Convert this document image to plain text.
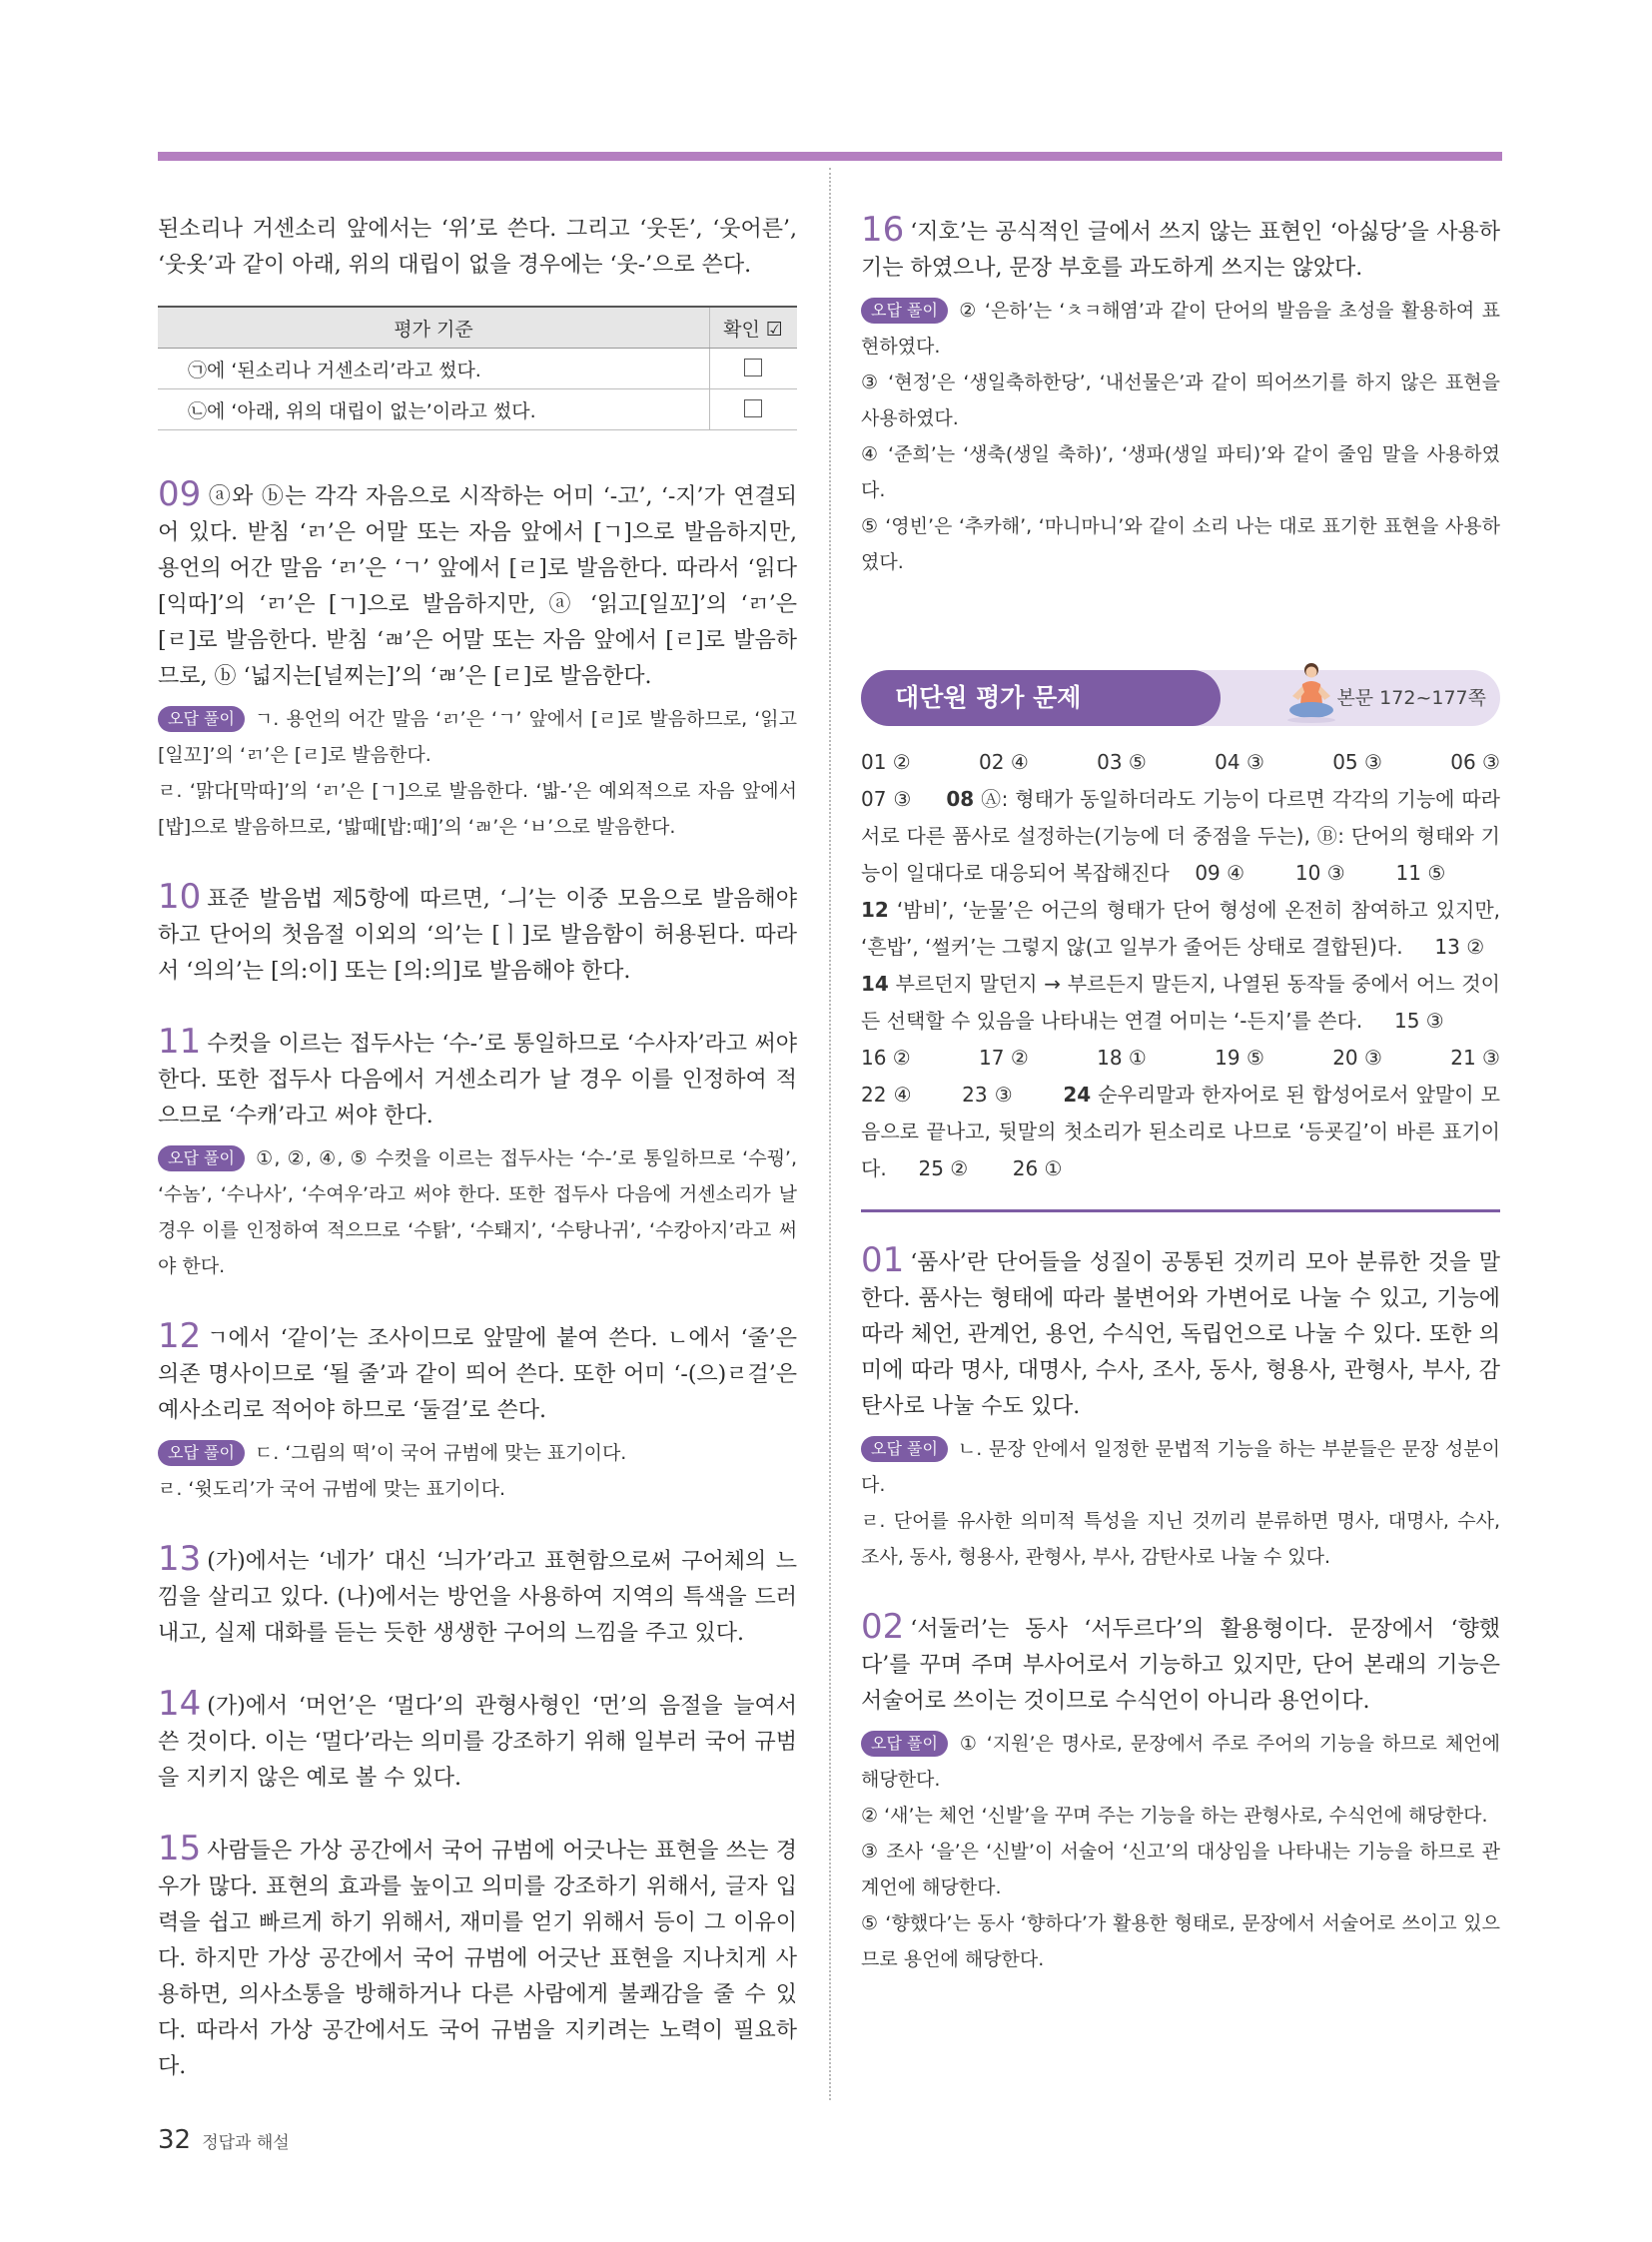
된소리나 거센소리 앞에서는 ‘위’로 쓴다. 그리고 ‘웃돈’, ‘웃어른’, ‘웃옷’과 같이 아래, 위의 대립이 없을 경우에는 ‘웃-’으로 쓴다.

평가 기준	확인 ☑
㉠에 ‘된소리나 거센소리’라고 썼다.	
㉡에 ‘아래, 위의 대립이 없는’이라고 썼다.	

09 ⓐ와 ⓑ는 각각 자음으로 시작하는 어미 ‘-고’, ‘-지’가 연결되어 있다. 받침 ‘ㄺ’은 어말 또는 자음 앞에서 [ㄱ]으로 발음하지만, 용언의 어간 말음 ‘ㄺ’은 ‘ㄱ’ 앞에서 [ㄹ]로 발음한다. 따라서 ‘읽다[익따]’의 ‘ㄺ’은 [ㄱ]으로 발음하지만, ⓐ ‘읽고[일꼬]’의 ‘ㄺ’은 [ㄹ]로 발음한다. 받침 ‘ㄼ’은 어말 또는 자음 앞에서 [ㄹ]로 발음하므로, ⓑ ‘넓지는[널찌는]’의 ‘ㄼ’은 [ㄹ]로 발음한다.

오답 풀이 ㄱ. 용언의 어간 말음 ‘ㄺ’은 ‘ㄱ’ 앞에서 [ㄹ]로 발음하므로, ‘읽고[일꼬]’의 ‘ㄺ’은 [ㄹ]로 발음한다.

ㄹ. ‘맑다[막따]’의 ‘ㄺ’은 [ㄱ]으로 발음한다. ‘밟-’은 예외적으로 자음 앞에서 [밥]으로 발음하므로, ‘밟때[밥:때]’의 ‘ㄼ’은 ‘ㅂ’으로 발음한다.

10 표준 발음법 제5항에 따르면, ‘ㅢ’는 이중 모음으로 발음해야 하고 단어의 첫음절 이외의 ‘의’는 [ㅣ]로 발음함이 허용된다. 따라서 ‘의의’는 [의:이] 또는 [의:의]로 발음해야 한다.

11 수컷을 이르는 접두사는 ‘수-’로 통일하므로 ‘수사자’라고 써야 한다. 또한 접두사 다음에서 거센소리가 날 경우 이를 인정하여 적으므로 ‘수캐’라고 써야 한다.

오답 풀이 ①, ②, ④, ⑤ 수컷을 이르는 접두사는 ‘수-’로 통일하므로 ‘수꿩’, ‘수놈’, ‘수나사’, ‘수여우’라고 써야 한다. 또한 접두사 다음에 거센소리가 날 경우 이를 인정하여 적으므로 ‘수탉’, ‘수퇘지’, ‘수탕나귀’, ‘수캉아지’라고 써야 한다.

12 ㄱ에서 ‘같이’는 조사이므로 앞말에 붙여 쓴다. ㄴ에서 ‘줄’은 의존 명사이므로 ‘될 줄’과 같이 띄어 쓴다. 또한 어미 ‘-(으)ㄹ걸’은 예사소리로 적어야 하므로 ‘둘걸’로 쓴다.

오답 풀이 ㄷ. ‘그림의 떡’이 국어 규범에 맞는 표기이다.

ㄹ. ‘윗도리’가 국어 규범에 맞는 표기이다.

13 (가)에서는 ‘네가’ 대신 ‘늬가’라고 표현함으로써 구어체의 느낌을 살리고 있다. (나)에서는 방언을 사용하여 지역의 특색을 드러내고, 실제 대화를 듣는 듯한 생생한 구어의 느낌을 주고 있다.

14 (가)에서 ‘머언’은 ‘멀다’의 관형사형인 ‘먼’의 음절을 늘여서 쓴 것이다. 이는 ‘멀다’라는 의미를 강조하기 위해 일부러 국어 규범을 지키지 않은 예로 볼 수 있다.

15 사람들은 가상 공간에서 국어 규범에 어긋나는 표현을 쓰는 경우가 많다. 표현의 효과를 높이고 의미를 강조하기 위해서, 글자 입력을 쉽고 빠르게 하기 위해서, 재미를 얻기 위해서 등이 그 이유이다. 하지만 가상 공간에서 국어 규범에 어긋난 표현을 지나치게 사용하면, 의사소통을 방해하거나 다른 사람에게 불쾌감을 줄 수 있다. 따라서 가상 공간에서도 국어 규범을 지키려는 노력이 필요하다.

16 ‘지호’는 공식적인 글에서 쓰지 않는 표현인 ‘아싫당’을 사용하기는 하였으나, 문장 부호를 과도하게 쓰지는 않았다.

오답 풀이 ② ‘은하’는 ‘ㅊㅋ해염’과 같이 단어의 발음을 초성을 활용하여 표현하였다.

③ ‘현정’은 ‘생일축하한당’, ‘내선물은’과 같이 띄어쓰기를 하지 않은 표현을 사용하였다.

④ ‘준희’는 ‘생축(생일 축하)’, ‘생파(생일 파티)’와 같이 줄임 말을 사용하였다.

⑤ ‘영빈’은 ‘추카해’, ‘마니마니’와 같이 소리 나는 대로 표기한 표현을 사용하였다.

대단원 평가 문제	본문 172~177쪽
01 ②	02 ④	03 ⑤	04 ③	05 ③	06 ③

07 ③ 08 Ⓐ: 형태가 동일하더라도 기능이 다르면 각각의 기능에 따라 서로 다른 품사로 설정하는(기능에 더 중점을 두는), Ⓑ: 단어의 형태와 기능이 일대다로 대응되어 복잡해진다 09 ④	10 ③	11 ⑤

12 ‘밤비’, ‘눈물’은 어근의 형태가 단어 형성에 온전히 참여하고 있지만, ‘흔밥’, ‘썰커’는 그렇지 않(고 일부가 줄어든 상태로 결합된)다. 13 ②

14 부르던지 말던지 → 부르든지 말든지, 나열된 동작들 중에서 어느 것이든 선택할 수 있음을 나타내는 연결 어미는 ‘-든지’를 쓴다. 15 ③

16 ②	17 ②	18 ①	19 ⑤	20 ③	21 ③

22 ④ 23 ③ 24 순우리말과 한자어로 된 합성어로서 앞말이 모음으로 끝나고, 뒷말의 첫소리가 된소리로 나므로 ‘등굣길’이 바른 표기이다. 25 ② 26 ①

01 ‘품사’란 단어들을 성질이 공통된 것끼리 모아 분류한 것을 말한다. 품사는 형태에 따라 불변어와 가변어로 나눌 수 있고, 기능에 따라 체언, 관계언, 용언, 수식언, 독립언으로 나눌 수 있다. 또한 의미에 따라 명사, 대명사, 수사, 조사, 동사, 형용사, 관형사, 부사, 감탄사로 나눌 수도 있다.

오답 풀이 ㄴ. 문장 안에서 일정한 문법적 기능을 하는 부분들은 문장 성분이다.

ㄹ. 단어를 유사한 의미적 특성을 지닌 것끼리 분류하면 명사, 대명사, 수사, 조사, 동사, 형용사, 관형사, 부사, 감탄사로 나눌 수 있다.

02 ‘서둘러’는 동사 ‘서두르다’의 활용형이다. 문장에서 ‘향했다’를 꾸며 주며 부사어로서 기능하고 있지만, 단어 본래의 기능은 서술어로 쓰이는 것이므로 수식언이 아니라 용언이다.

오답 풀이 ① ‘지원’은 명사로, 문장에서 주로 주어의 기능을 하므로 체언에 해당한다.

② ‘새’는 체언 ‘신발’을 꾸며 주는 기능을 하는 관형사로, 수식언에 해당한다.

③ 조사 ‘을’은 ‘신발’이 서술어 ‘신고’의 대상임을 나타내는 기능을 하므로 관계언에 해당한다.

⑤ ‘향했다’는 동사 ‘향하다’가 활용한 형태로, 문장에서 서술어로 쓰이고 있으므로 용언에 해당한다.

32 정답과 해설
